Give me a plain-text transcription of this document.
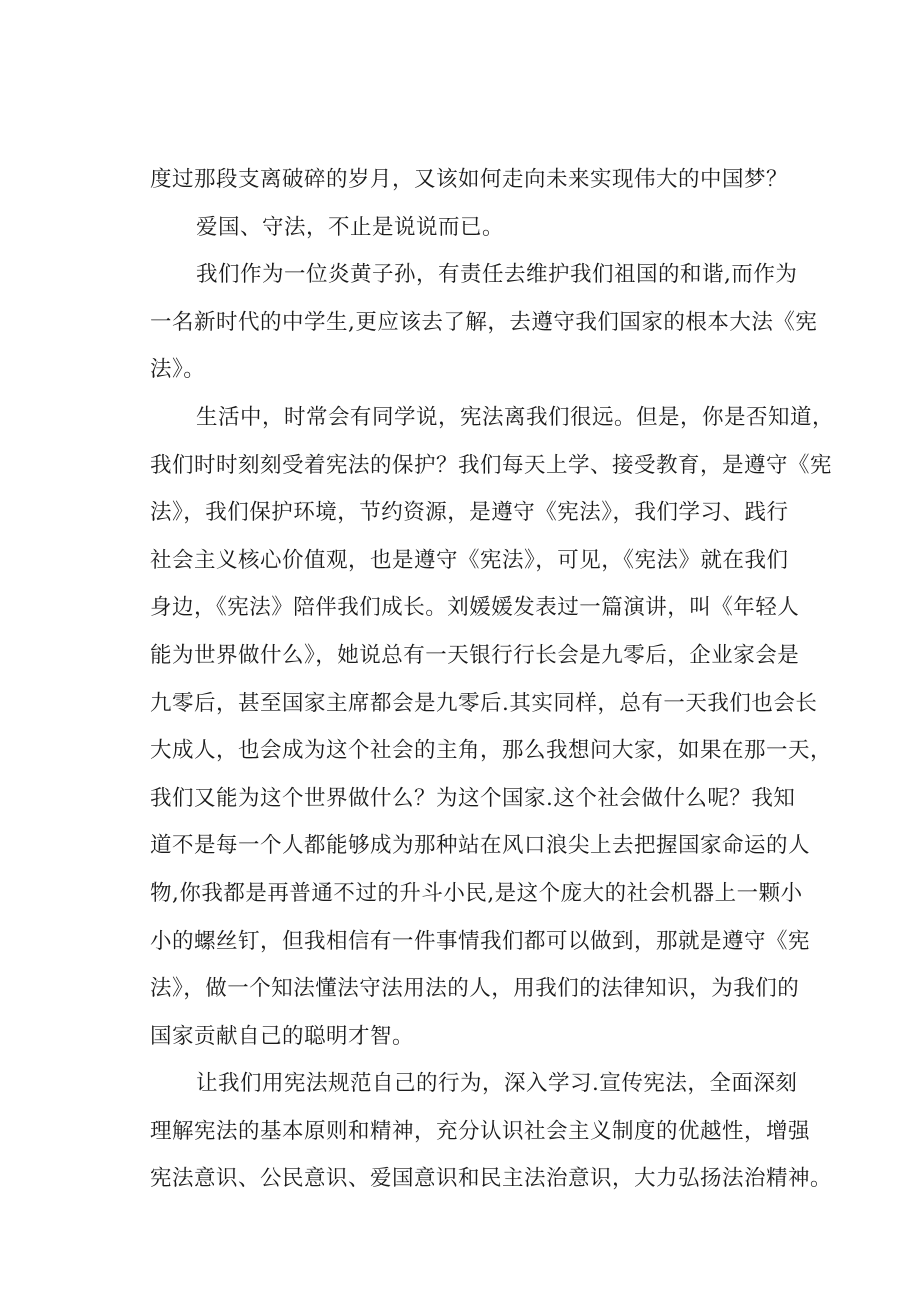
度过那段支离破碎的岁月，又该如何走向未来实现伟大的中国梦？
爱国、守法，不止是说说而已。
我们作为一位炎黄子孙，有责任去维护我们祖国的和谐,而作为
一名新时代的中学生,更应该去了解，去遵守我们国家的根本大法《宪
法》。
生活中，时常会有同学说，宪法离我们很远。但是，你是否知道，
我们时时刻刻受着宪法的保护？我们每天上学、接受教育，是遵守《宪
法》，我们保护环境，节约资源，是遵守《宪法》，我们学习、践行
社会主义核心价值观，也是遵守《宪法》，可见，《宪法》就在我们
身边，《宪法》陪伴我们成长。刘媛媛发表过一篇演讲，叫《年轻人
能为世界做什么》，她说总有一天银行行长会是九零后，企业家会是
九零后，甚至国家主席都会是九零后.其实同样，总有一天我们也会长
大成人，也会成为这个社会的主角，那么我想问大家，如果在那一天，
我们又能为这个世界做什么？为这个国家.这个社会做什么呢？我知
道不是每一个人都能够成为那种站在风口浪尖上去把握国家命运的人
物,你我都是再普通不过的升斗小民,是这个庞大的社会机器上一颗小
小的螺丝钉，但我相信有一件事情我们都可以做到，那就是遵守《宪
法》，做一个知法懂法守法用法的人，用我们的法律知识，为我们的
国家贡献自己的聪明才智。
让我们用宪法规范自己的行为，深入学习.宣传宪法，全面深刻
理解宪法的基本原则和精神，充分认识社会主义制度的优越性，增强
宪法意识、公民意识、爱国意识和民主法治意识，大力弘扬法治精神。
